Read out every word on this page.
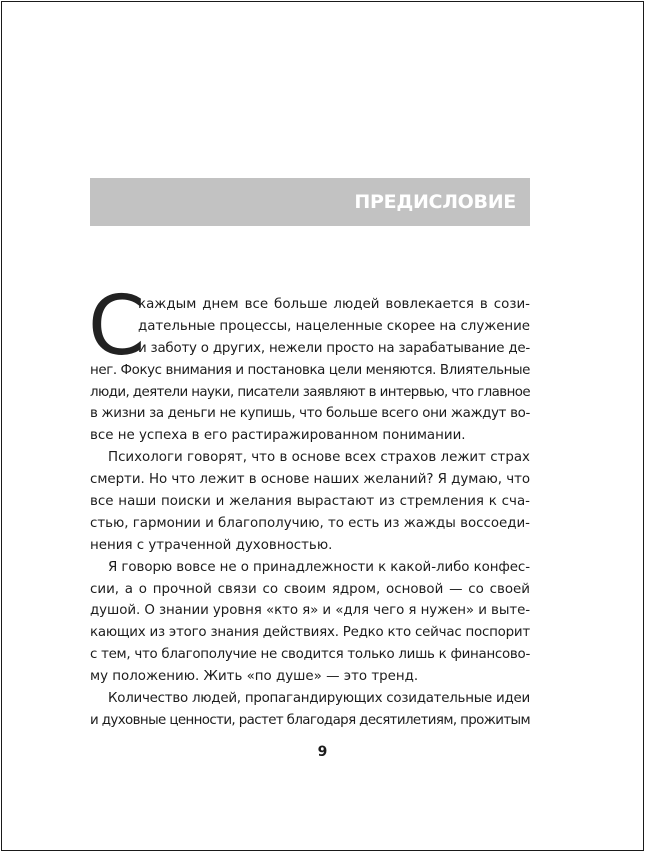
ПРЕДИСЛОВИЕ
С
каждым днем все больше людей вовлекается в сози-
дательные процессы, нацеленные скорее на служение
и заботу о других, нежели просто на зарабатывание де-
нег. Фокус внимания и постановка цели меняются. Влиятельные
люди, деятели науки, писатели заявляют в интервью, что главное
в жизни за деньги не купишь, что больше всего они жаждут во-
все не успеха в его растиражированном понимании.
Психологи говорят, что в основе всех страхов лежит страх
смерти. Но что лежит в основе наших желаний? Я думаю, что
все наши поиски и желания вырастают из стремления к сча-
стью, гармонии и благополучию, то есть из жажды воссоеди-
нения с утраченной духовностью.
Я говорю вовсе не о принадлежности к какой-либо конфес-
сии, а о прочной связи со своим ядром, основой — со своей
душой. О знании уровня «кто я» и «для чего я нужен» и выте-
кающих из этого знания действиях. Редко кто сейчас поспорит
с тем, что благополучие не сводится только лишь к финансово-
му положению. Жить «по душе» — это тренд.
Количество людей, пропагандирующих созидательные идеи
и духовные ценности, растет благодаря десятилетиям, прожитым
9
